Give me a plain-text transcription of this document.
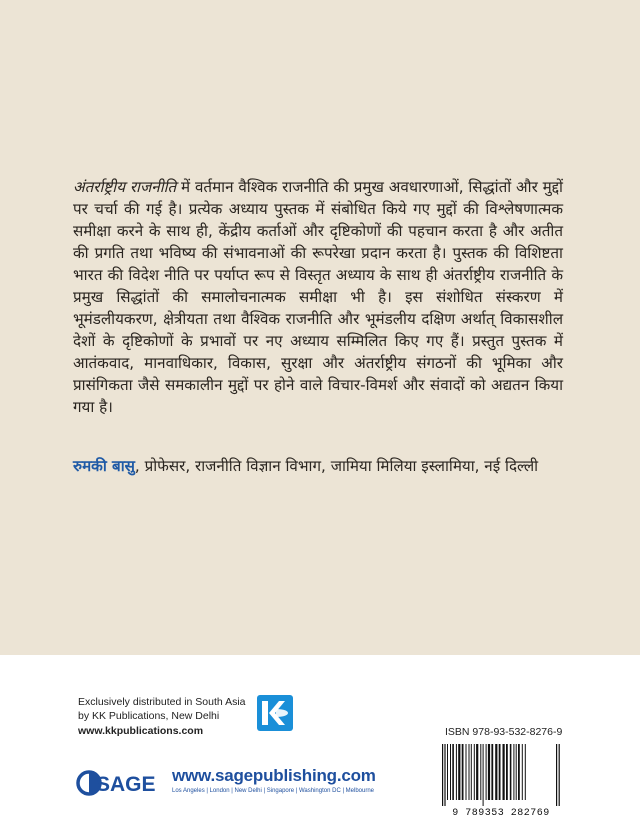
अंतर्राष्ट्रीय राजनीति में वर्तमान वैश्विक राजनीति की प्रमुख अवधारणाओं, सिद्धांतों और मुद्दों पर चर्चा की गई है। प्रत्येक अध्याय पुस्तक में संबोधित किये गए मुद्दों की विश्लेषणात्मक समीक्षा करने के साथ ही, केंद्रीय कर्ताओं और दृष्टिकोणों की पहचान करता है और अतीत की प्रगति तथा भविष्य की संभावनाओं की रूपरेखा प्रदान करता है। पुस्तक की विशिष्टता भारत की विदेश नीति पर पर्याप्त रूप से विस्तृत अध्याय के साथ ही अंतर्राष्ट्रीय राजनीति के प्रमुख सिद्धांतों की समालोचनात्मक समीक्षा भी है। इस संशोधित संस्करण में भूमंडलीयकरण, क्षेत्रीयता तथा वैश्विक राजनीति और भूमंडलीय दक्षिण अर्थात् विकासशील देशों के दृष्टिकोणों के प्रभावों पर नए अध्याय सम्मिलित किए गए हैं। प्रस्तुत पुस्तक में आतंकवाद, मानवाधिकार, विकास, सुरक्षा और अंतर्राष्ट्रीय संगठनों की भूमिका और प्रासंगिकता जैसे समकालीन मुद्दों पर होने वाले विचार-विमर्श और संवादों को अद्यतन किया गया है।

रुमकी बासु, प्रोफेसर, राजनीति विज्ञान विभाग, जामिया मिलिया इस्लामिया, नई दिल्ली

Exclusively distributed in South Asia
by KK Publications, New Delhi
www.kkpublications.com
SAGE www.sagepublishing.com
Los Angeles | London | New Delhi | Singapore | Washington DC | Melbourne
ISBN 978-93-532-8276-9
9 789353 282769
